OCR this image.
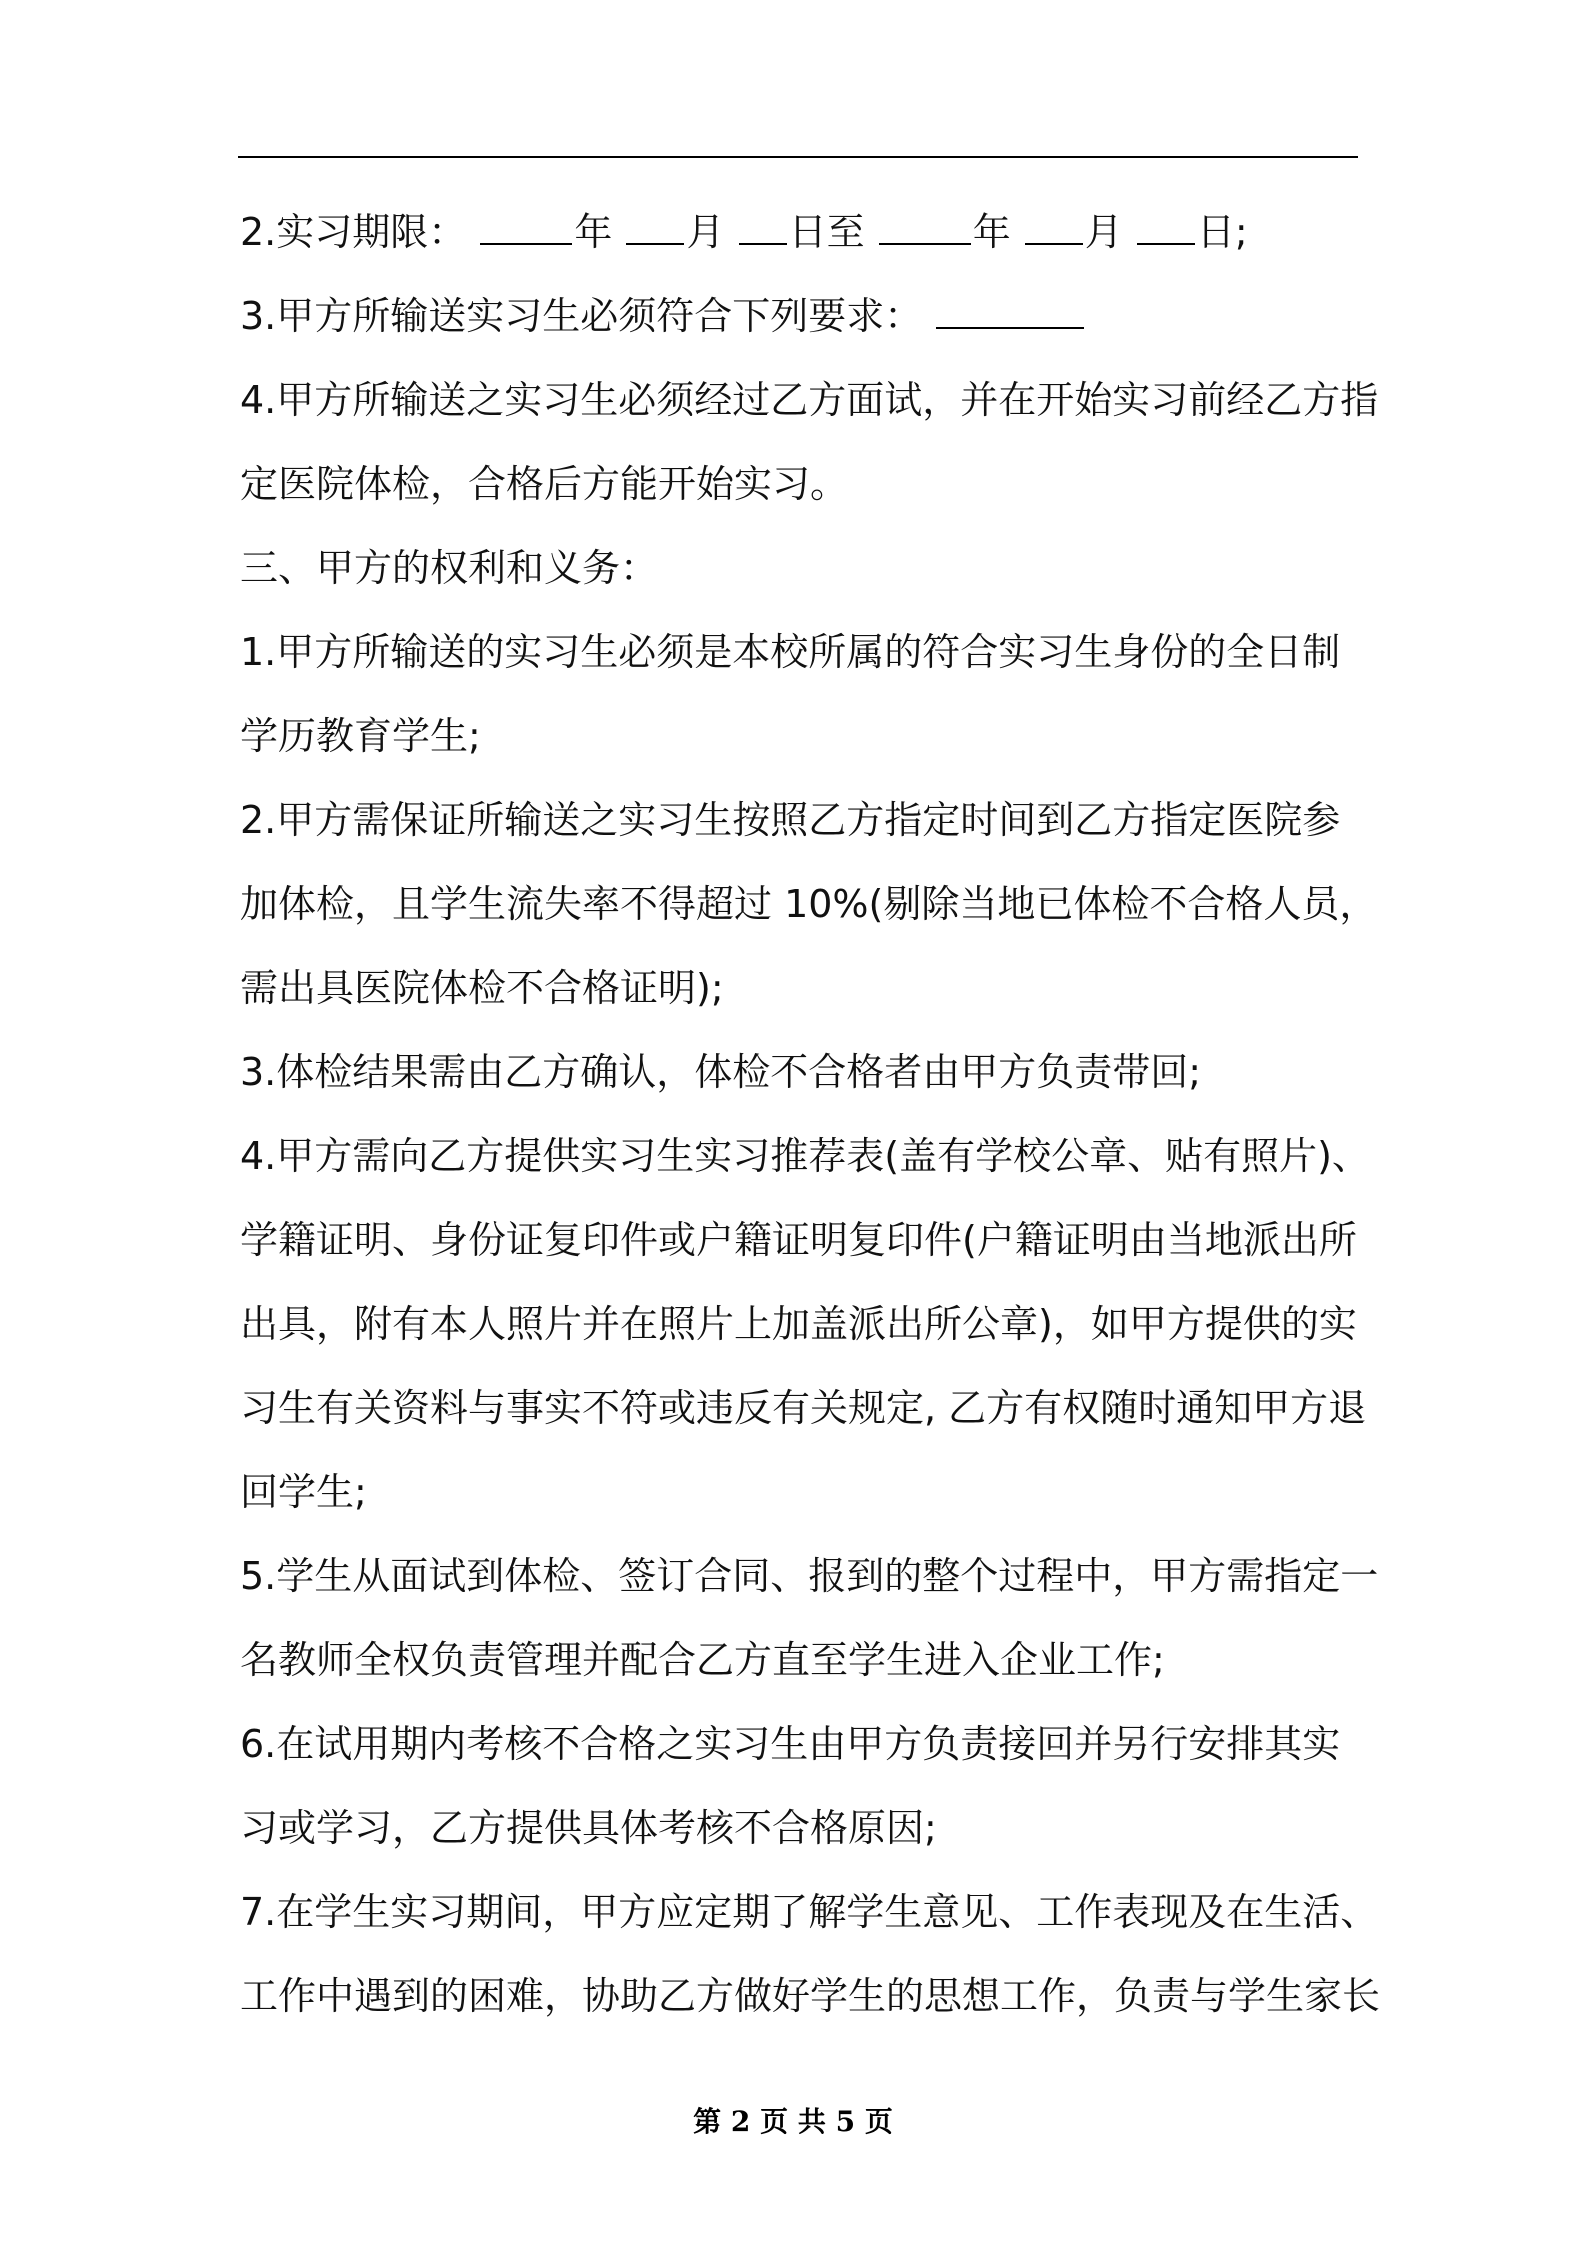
2.实习期限：	年 月 日至	年 月 日;
3.甲方所输送实习生必须符合下列要求：
4.甲方所输送之实习生必须经过乙方面试，并在开始实习前经乙方指
定医院体检，合格后方能开始实习。
三、甲方的权利和义务：
1.甲方所输送的实习生必须是本校所属的符合实习生身份的全日制
学历教育学生;
2.甲方需保证所输送之实习生按照乙方指定时间到乙方指定医院参
加体检，且学生流失率不得超过 10%(剔除当地已体检不合格人员，
需出具医院体检不合格证明);
3.体检结果需由乙方确认，体检不合格者由甲方负责带回;
4.甲方需向乙方提供实习生实习推荐表(盖有学校公章、贴有照片)、
学籍证明、身份证复印件或户籍证明复印件(户籍证明由当地派出所
出具，附有本人照片并在照片上加盖派出所公章)，如甲方提供的实
习生有关资料与事实不符或违反有关规定, 乙方有权随时通知甲方退
回学生;
5.学生从面试到体检、签订合同、报到的整个过程中，甲方需指定一
名教师全权负责管理并配合乙方直至学生进入企业工作;
6.在试用期内考核不合格之实习生由甲方负责接回并另行安排其实
习或学习，乙方提供具体考核不合格原因;
7.在学生实习期间，甲方应定期了解学生意见、工作表现及在生活、
工作中遇到的困难，协助乙方做好学生的思想工作，负责与学生家长
第 2 页 共 5 页
